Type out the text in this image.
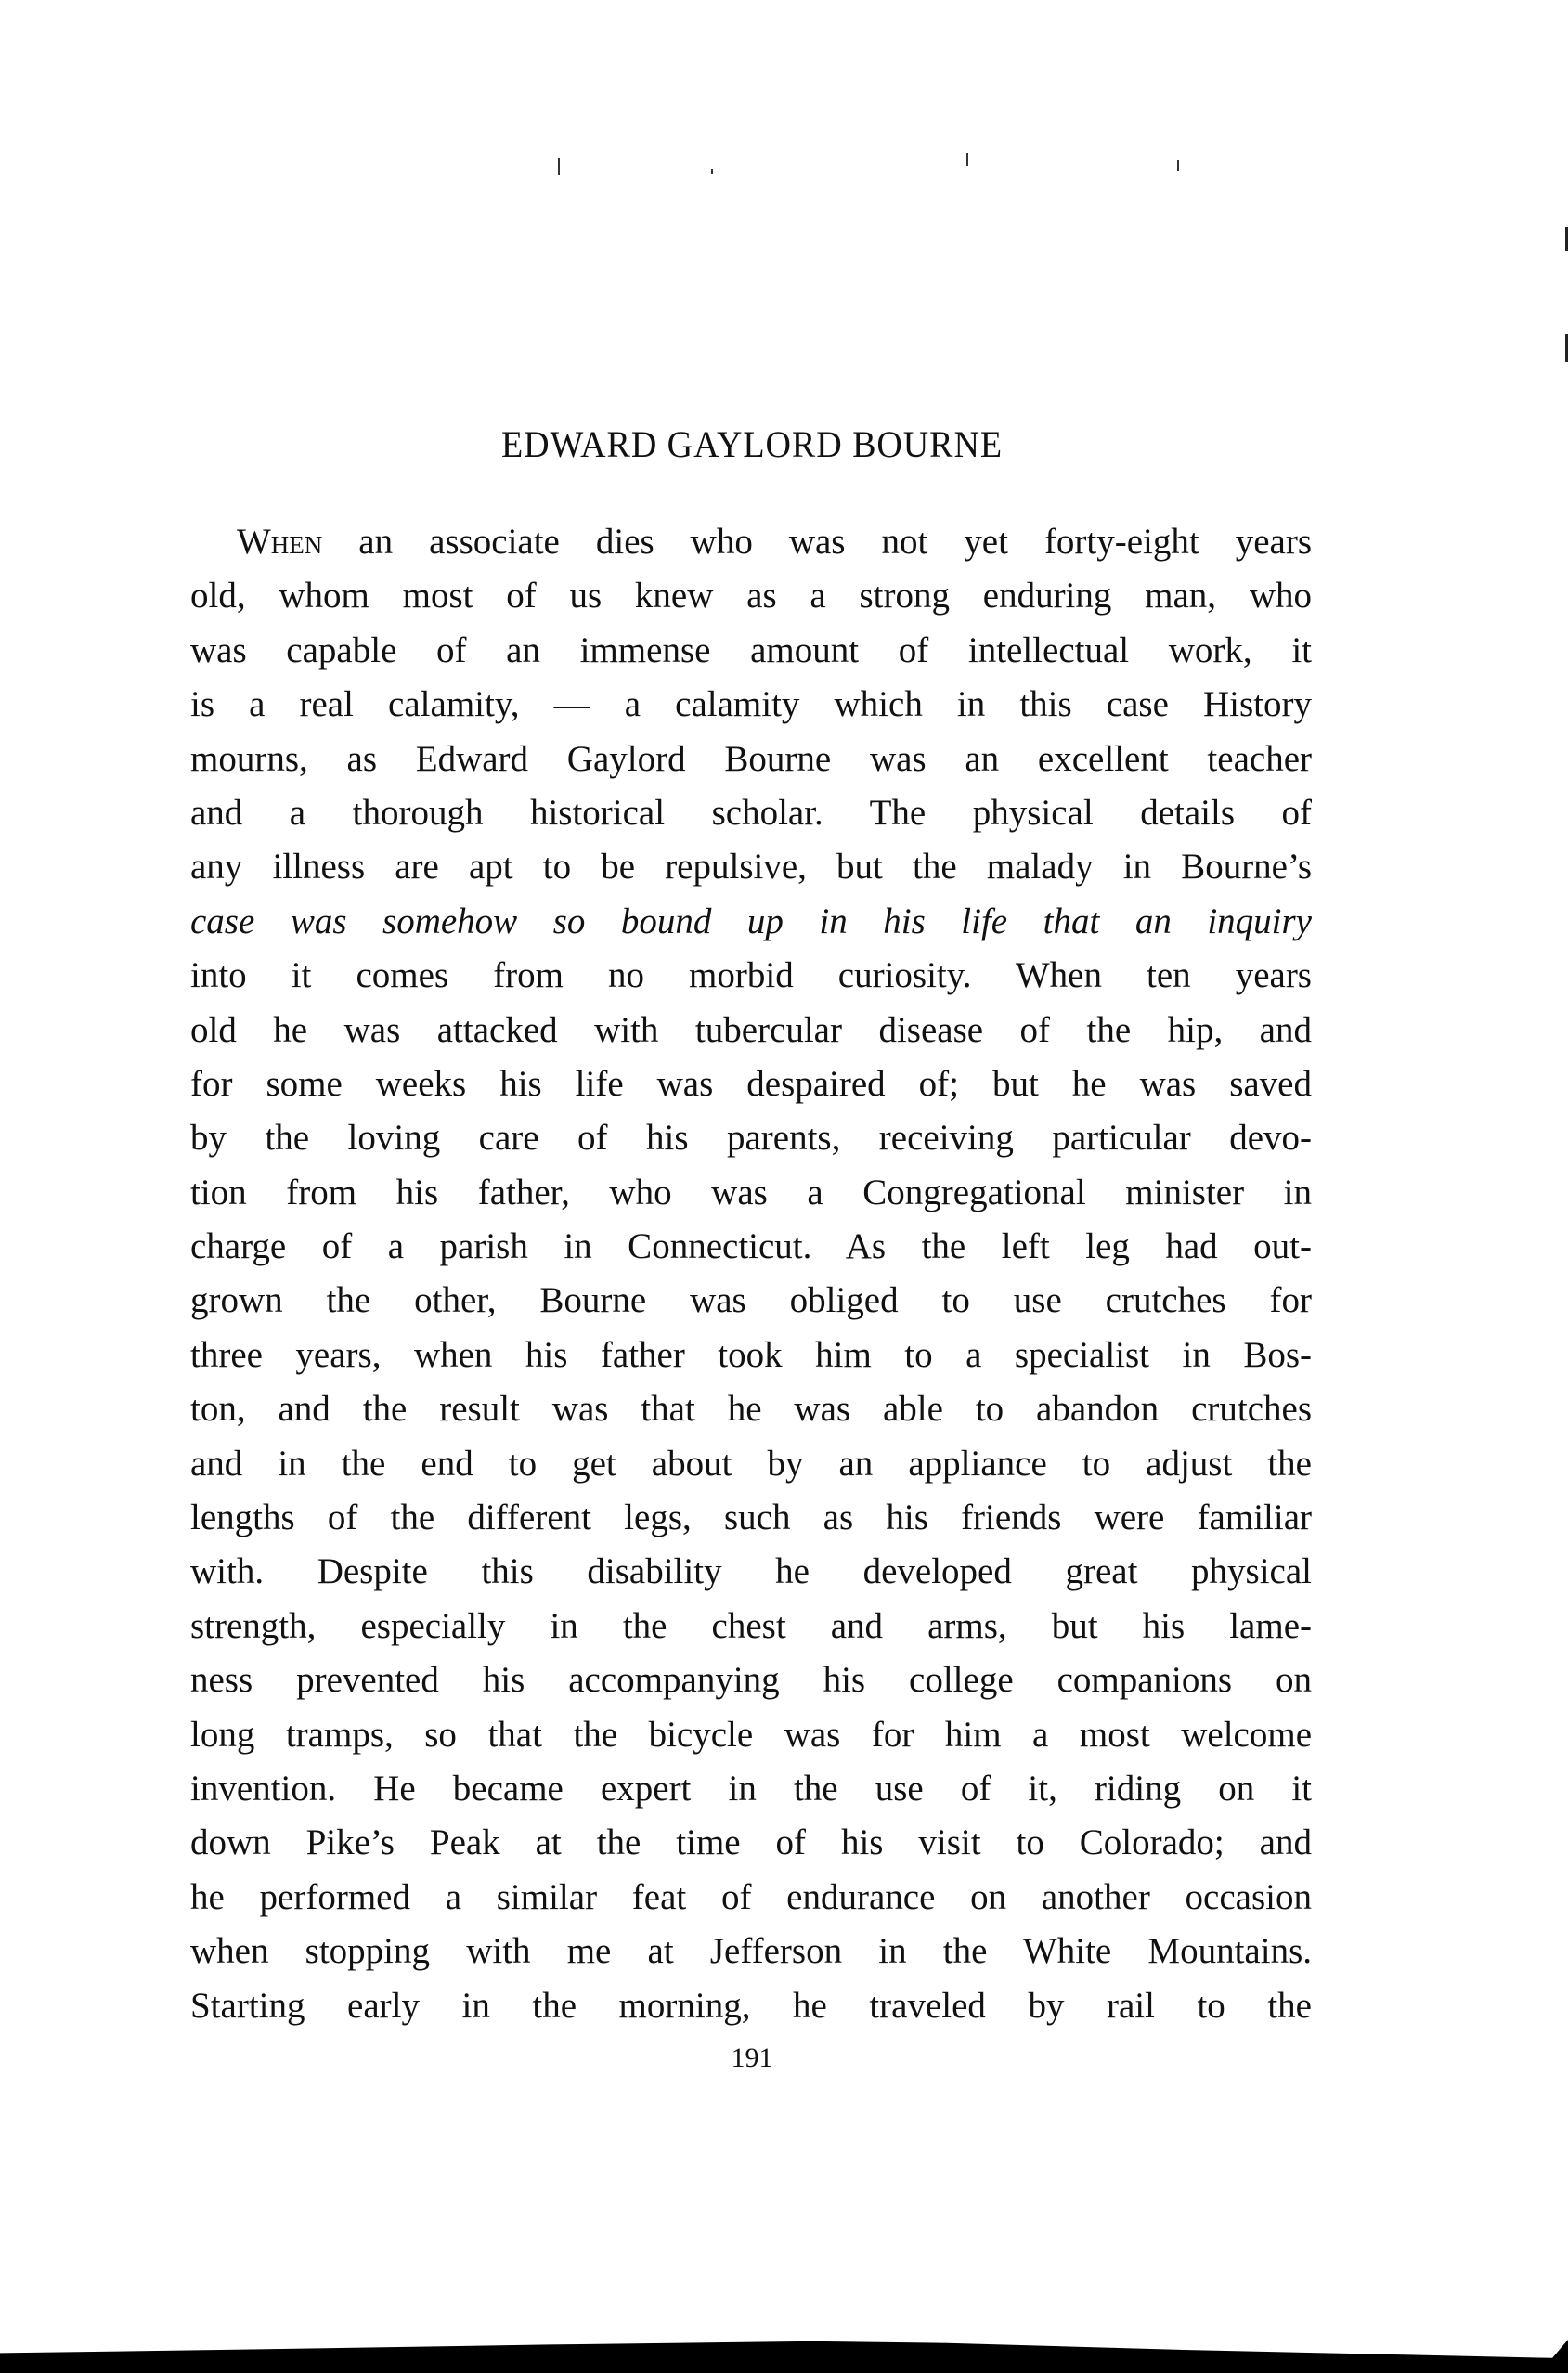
EDWARD GAYLORD BOURNE
When an associate dies who was not yet forty-eight years
old, whom most of us knew as a strong enduring man, who
was capable of an immense amount of intellectual work, it
is a real calamity, — a calamity which in this case History
mourns, as Edward Gaylord Bourne was an excellent teacher
and a thorough historical scholar. The physical details of
any illness are apt to be repulsive, but the malady in Bourne’s
case was somehow so bound up in his life that an inquiry
into it comes from no morbid curiosity. When ten years
old he was attacked with tubercular disease of the hip, and
for some weeks his life was despaired of; but he was saved
by the loving care of his parents, receiving particular devo-
tion from his father, who was a Congregational minister in
charge of a parish in Connecticut. As the left leg had out-
grown the other, Bourne was obliged to use crutches for
three years, when his father took him to a specialist in Bos-
ton, and the result was that he was able to abandon crutches
and in the end to get about by an appliance to adjust the
lengths of the different legs, such as his friends were familiar
with. Despite this disability he developed great physical
strength, especially in the chest and arms, but his lame-
ness prevented his accompanying his college companions on
long tramps, so that the bicycle was for him a most welcome
invention. He became expert in the use of it, riding on it
down Pike’s Peak at the time of his visit to Colorado; and
he performed a similar feat of endurance on another occasion
when stopping with me at Jefferson in the White Mountains.
Starting early in the morning, he traveled by rail to the
191
